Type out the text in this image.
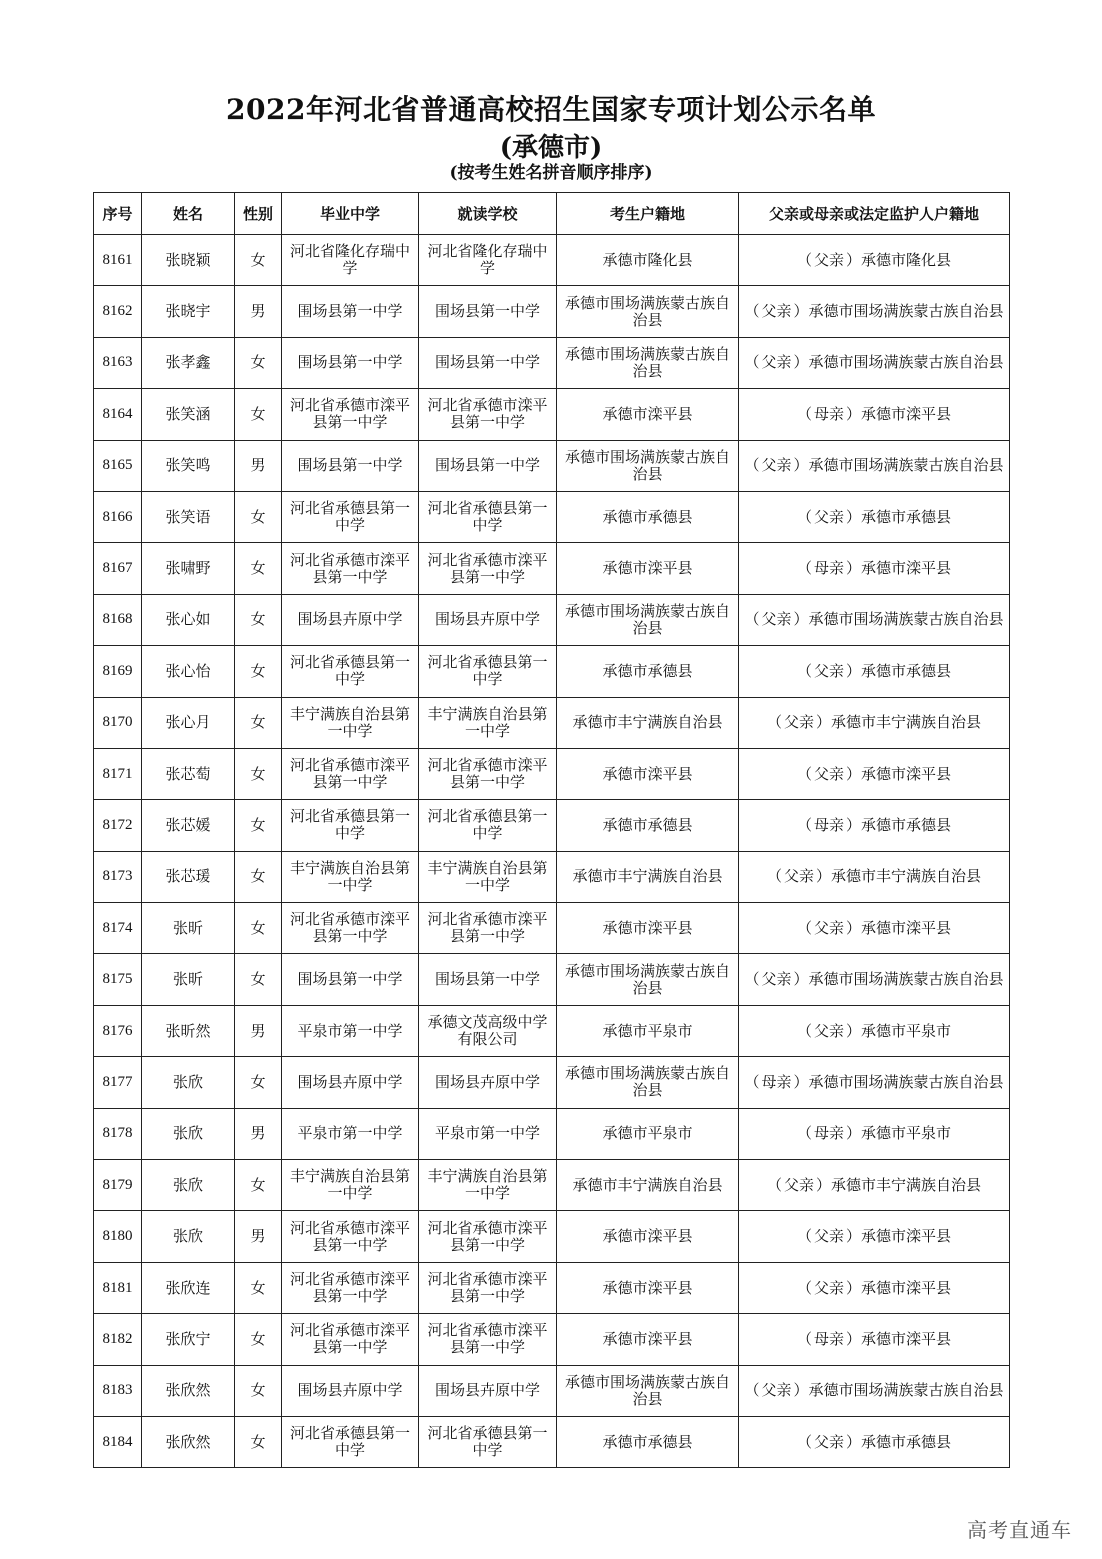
2022年河北省普通高校招生国家专项计划公示名单
(承德市)
(按考生姓名拼音顺序排序)
序号	姓名	性别	毕业中学	就读学校	考生户籍地	父亲或母亲或法定监护人户籍地
8161	张晓颖	女	河北省隆化存瑞中学	河北省隆化存瑞中学	承德市隆化县	（ 父亲 ）承德市隆化县
8162	张晓宇	男	围场县第一中学	围场县第一中学	承德市围场满族蒙古族自治县	（ 父亲 ）承德市围场满族蒙古族自治县
8163	张孝鑫	女	围场县第一中学	围场县第一中学	承德市围场满族蒙古族自治县	（ 父亲 ）承德市围场满族蒙古族自治县
8164	张笑涵	女	河北省承德市滦平县第一中学	河北省承德市滦平县第一中学	承德市滦平县	（ 母亲 ）承德市滦平县
8165	张笑鸣	男	围场县第一中学	围场县第一中学	承德市围场满族蒙古族自治县	（ 父亲 ）承德市围场满族蒙古族自治县
8166	张笑语	女	河北省承德县第一中学	河北省承德县第一中学	承德市承德县	（ 父亲 ）承德市承德县
8167	张啸野	女	河北省承德市滦平县第一中学	河北省承德市滦平县第一中学	承德市滦平县	（ 母亲 ）承德市滦平县
8168	张心如	女	围场县卉原中学	围场县卉原中学	承德市围场满族蒙古族自治县	（ 父亲 ）承德市围场满族蒙古族自治县
8169	张心怡	女	河北省承德县第一中学	河北省承德县第一中学	承德市承德县	（ 父亲 ）承德市承德县
8170	张心月	女	丰宁满族自治县第一中学	丰宁满族自治县第一中学	承德市丰宁满族自治县	（ 父亲 ）承德市丰宁满族自治县
8171	张芯萄	女	河北省承德市滦平县第一中学	河北省承德市滦平县第一中学	承德市滦平县	（ 父亲 ）承德市滦平县
8172	张芯媛	女	河北省承德县第一中学	河北省承德县第一中学	承德市承德县	（ 母亲 ）承德市承德县
8173	张芯瑗	女	丰宁满族自治县第一中学	丰宁满族自治县第一中学	承德市丰宁满族自治县	（ 父亲 ）承德市丰宁满族自治县
8174	张昕	女	河北省承德市滦平县第一中学	河北省承德市滦平县第一中学	承德市滦平县	（ 父亲 ）承德市滦平县
8175	张昕	女	围场县第一中学	围场县第一中学	承德市围场满族蒙古族自治县	（ 父亲 ）承德市围场满族蒙古族自治县
8176	张昕然	男	平泉市第一中学	承德文茂高级中学有限公司	承德市平泉市	（ 父亲 ）承德市平泉市
8177	张欣	女	围场县卉原中学	围场县卉原中学	承德市围场满族蒙古族自治县	（ 母亲 ）承德市围场满族蒙古族自治县
8178	张欣	男	平泉市第一中学	平泉市第一中学	承德市平泉市	（ 母亲 ）承德市平泉市
8179	张欣	女	丰宁满族自治县第一中学	丰宁满族自治县第一中学	承德市丰宁满族自治县	（ 父亲 ）承德市丰宁满族自治县
8180	张欣	男	河北省承德市滦平县第一中学	河北省承德市滦平县第一中学	承德市滦平县	（ 父亲 ）承德市滦平县
8181	张欣连	女	河北省承德市滦平县第一中学	河北省承德市滦平县第一中学	承德市滦平县	（ 父亲 ）承德市滦平县
8182	张欣宁	女	河北省承德市滦平县第一中学	河北省承德市滦平县第一中学	承德市滦平县	（ 母亲 ）承德市滦平县
8183	张欣然	女	围场县卉原中学	围场县卉原中学	承德市围场满族蒙古族自治县	（ 父亲 ）承德市围场满族蒙古族自治县
8184	张欣然	女	河北省承德县第一中学	河北省承德县第一中学	承德市承德县	（ 父亲 ）承德市承德县
高考直通车
